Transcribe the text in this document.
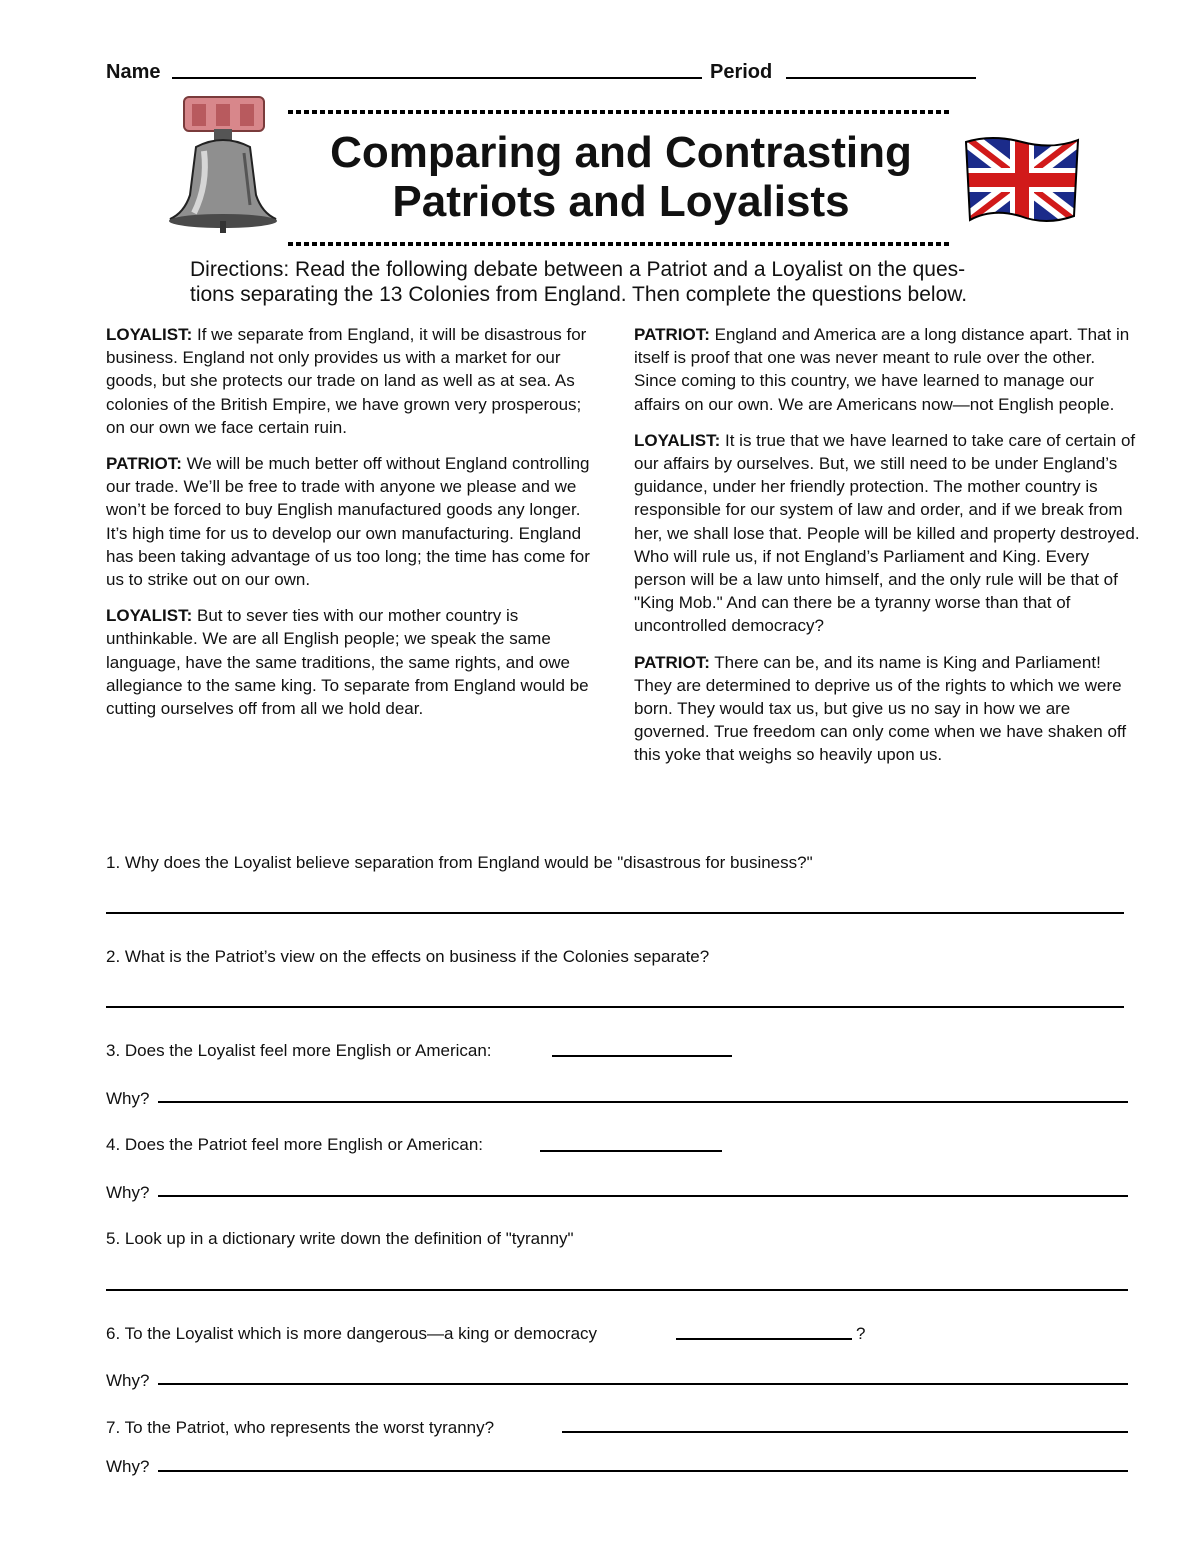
Name	Period
Comparing and Contrasting
Patriots and Loyalists
Directions: Read the following debate between a Patriot and a Loyalist on the ques-
tions separating the 13 Colonies from England. Then complete the questions below.

LOYALIST: If we separate from England, it will be disastrous for business. England not only provides us with a market for our goods, but she protects our trade on land as well as at sea. As colonies of the British Empire, we have grown very prosperous; on our own we face certain ruin.

PATRIOT: We will be much better off without England controlling our trade. We’ll be free to trade with anyone we please and we won’t be forced to buy English manufactured goods any longer. It’s high time for us to develop our own manufacturing. England has been taking advantage of us too long; the time has come for us to strike out on our own.

LOYALIST: But to sever ties with our mother country is unthinkable. We are all English people; we speak the same language, have the same traditions, the same rights, and owe allegiance to the same king. To separate from England would be cutting ourselves off from all we hold dear.

PATRIOT: England and America are a long distance apart. That in itself is proof that one was never meant to rule over the other. Since coming to this country, we have learned to manage our affairs on our own. We are Americans now—not English people.

LOYALIST: It is true that we have learned to take care of certain of our affairs by ourselves. But, we still need to be under England’s guidance, under her friendly protection. The mother country is responsible for our system of law and order, and if we break from her, we shall lose that. People will be killed and property destroyed. Who will rule us, if not England’s Parliament and King. Every person will be a law unto himself, and the only rule will be that of "King Mob." And can there be a tyranny worse than that of uncontrolled democracy?

PATRIOT: There can be, and its name is King and Parliament! They are determined to deprive us of the rights to which we were born. They would tax us, but give us no say in how we are governed. True freedom can only come when we have shaken off this yoke that weighs so heavily upon us.

1. Why does the Loyalist believe separation from England would be "disastrous for business?"
2. What is the Patriot’s view on the effects on business if the Colonies separate?
3. Does the Loyalist feel more English or American:
Why?
4. Does the Patriot feel more English or American:
Why?
5. Look up in a dictionary write down the definition of "tyranny"
6. To the Loyalist which is more dangerous—a king or democracy	?
Why?
7. To the Patriot, who represents the worst tyranny?
Why?
